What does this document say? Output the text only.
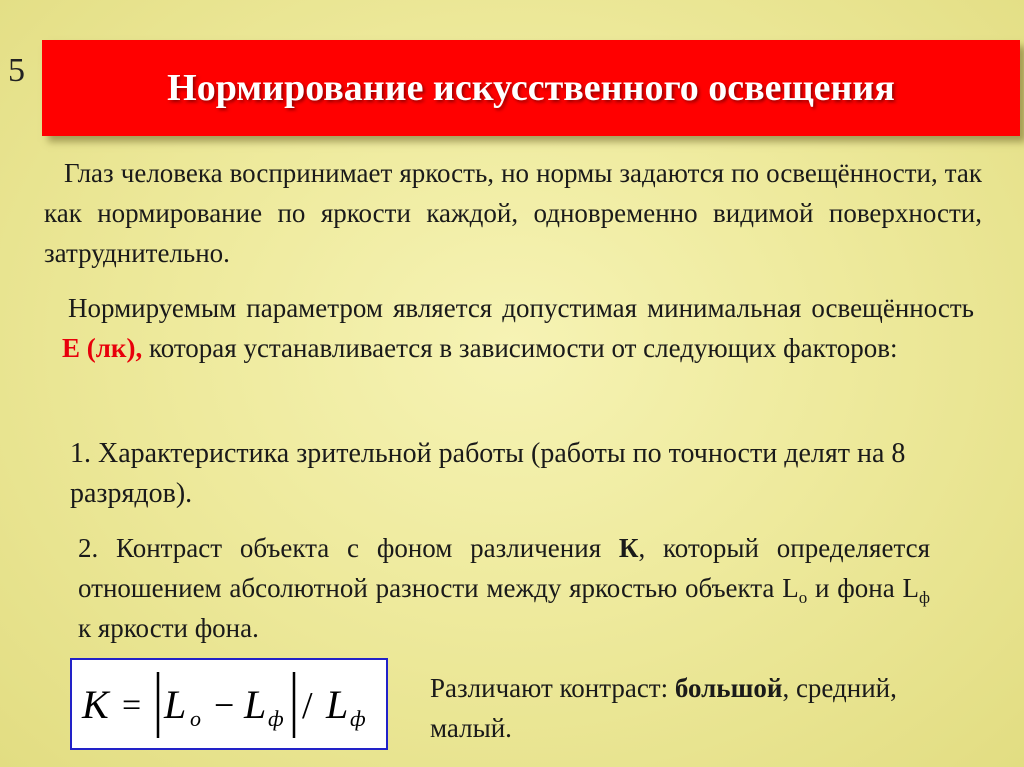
5	Нормирование искусственного освещения
Глаз человека воспринимает яркость, но нормы задаются по освещённости, так как нормирование по яркости каждой, одновременно видимой поверхности, затруднительно.
Нормируемым параметром является допустимая минимальная освещённость Е (лк), которая устанавливается в зависимости от следующих факторов:
1. Характеристика зрительной работы (работы по точности делят на 8 разрядов).
2. Контраст объекта с фоном различения К, который определяется отношением абсолютной разности между яркостью объекта $L_о$ и фона $L_ф$ к яркости фона.
К = L o − L ф / L ф
Различают контраст: большой, средний, малый.
